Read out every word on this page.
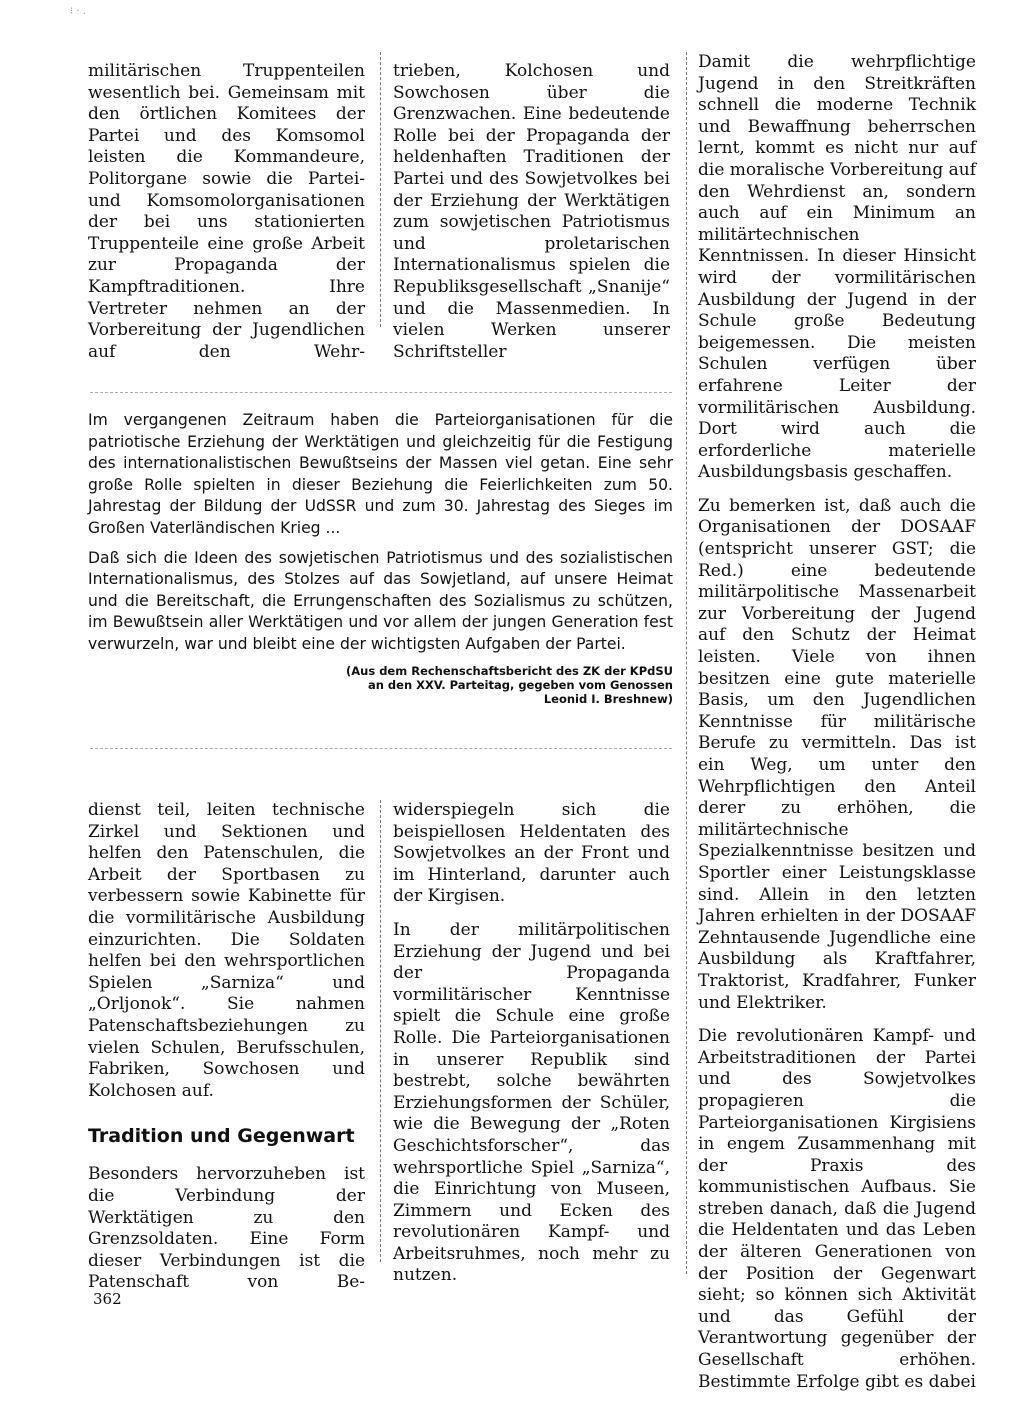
⁝ · .

militärischen Truppenteilen wesentlich bei. Gemeinsam mit den örtlichen Komitees der Partei und des Komsomol leisten die Kommandeure, Politorgane sowie die Partei- und Komsomolorganisationen der bei uns stationierten Truppenteile eine große Arbeit zur Propaganda der Kampftraditionen. Ihre Vertreter nehmen an der Vorbereitung der Jugendlichen auf den Wehr-

trieben, Kolchosen und Sowchosen über die Grenzwachen. Eine bedeutende Rolle bei der Propaganda der heldenhaften Traditionen der Partei und des Sowjetvolkes bei der Erziehung der Werktätigen zum sowjetischen Patriotismus und proletarischen Internationalismus spielen die Republiksgesellschaft „Snanije“ und die Massenmedien. In vielen Werken unserer Schriftsteller

Im vergangenen Zeitraum haben die Parteiorganisationen für die patriotische Erziehung der Werktätigen und gleichzeitig für die Festigung des internationalistischen Bewußtseins der Massen viel getan. Eine sehr große Rolle spielten in dieser Beziehung die Feierlichkeiten zum 50. Jahrestag der Bildung der UdSSR und zum 30. Jahrestag des Sieges im Großen Vaterländischen Krieg ...

Daß sich die Ideen des sowjetischen Patriotismus und des sozialistischen Internationalismus, des Stolzes auf das Sowjetland, auf unsere Heimat und die Bereitschaft, die Errungenschaften des Sozialismus zu schützen, im Bewußtsein aller Werktätigen und vor allem der jungen Generation fest verwurzeln, war und bleibt eine der wichtigsten Aufgaben der Partei.

(Aus dem Rechenschaftsbericht des ZK der KPdSU
an den XXV. Parteitag, gegeben vom Genossen
Leonid I. Breshnew)

dienst teil, leiten technische Zirkel und Sektionen und helfen den Patenschulen, die Arbeit der Sportbasen zu verbessern sowie Kabinette für die vormilitärische Ausbildung einzurichten. Die Soldaten helfen bei den wehrsportlichen Spielen „Sarniza“ und „Orljonok“. Sie nahmen Patenschaftsbeziehungen zu vielen Schulen, Berufsschulen, Fabriken, Sowchosen und Kolchosen auf.

Tradition und Gegenwart

Besonders hervorzuheben ist die Verbindung der Werktätigen zu den Grenzsoldaten. Eine Form dieser Verbindungen ist die Patenschaft von Be-

widerspiegeln sich die beispiellosen Heldentaten des Sowjetvolkes an der Front und im Hinterland, darunter auch der Kirgisen.

In der militärpolitischen Erziehung der Jugend und bei der Propaganda vormilitärischer Kenntnisse spielt die Schule eine große Rolle. Die Parteiorganisationen in unserer Republik sind bestrebt, solche bewährten Erziehungsformen der Schüler, wie die Bewegung der „Roten Geschichtsforscher“, das wehrsportliche Spiel „Sarniza“, die Einrichtung von Museen, Zimmern und Ecken des revolutionären Kampf- und Arbeitsruhmes, noch mehr zu nutzen.

Damit die wehrpflichtige Jugend in den Streitkräften schnell die moderne Technik und Bewaffnung beherrschen lernt, kommt es nicht nur auf die moralische Vorbereitung auf den Wehrdienst an, sondern auch auf ein Minimum an militärtechnischen Kenntnissen. In dieser Hinsicht wird der vormilitärischen Ausbildung der Jugend in der Schule große Bedeutung beigemessen. Die meisten Schulen verfügen über erfahrene Leiter der vormilitärischen Ausbildung. Dort wird auch die erforderliche materielle Ausbildungsbasis geschaffen.

Zu bemerken ist, daß auch die Organisationen der DOSAAF (entspricht unserer GST; die Red.) eine bedeutende militärpolitische Massenarbeit zur Vorbereitung der Jugend auf den Schutz der Heimat leisten. Viele von ihnen besitzen eine gute materielle Basis, um den Jugendlichen Kenntnisse für militärische Berufe zu vermitteln. Das ist ein Weg, um unter den Wehrpflichtigen den Anteil derer zu erhöhen, die militärtechnische Spezialkenntnisse besitzen und Sportler einer Leistungsklasse sind. Allein in den letzten Jahren erhielten in der DOSAAF Zehntausende Jugendliche eine Ausbildung als Kraftfahrer, Traktorist, Kradfahrer, Funker und Elektriker.

Die revolutionären Kampf- und Arbeitstraditionen der Partei und des Sowjetvolkes propagieren die Parteiorganisationen Kirgisiens in engem Zusammenhang mit der Praxis des kommunistischen Aufbaus. Sie streben danach, daß die Jugend die Heldentaten und das Leben der älteren Generationen von der Position der Gegenwart sieht; so können sich Aktivität und das Gefühl der Verantwortung gegenüber der Gesellschaft erhöhen. Bestimmte Erfolge gibt es dabei

362
